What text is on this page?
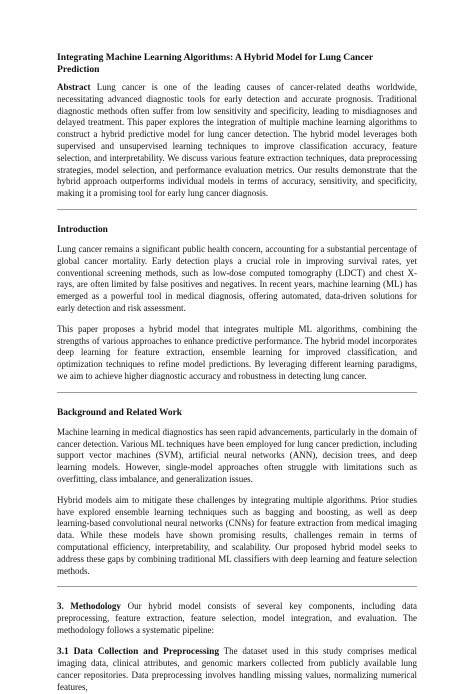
Integrating Machine Learning Algorithms: A Hybrid Model for Lung Cancer Prediction

Abstract Lung cancer is one of the leading causes of cancer-related deaths worldwide, necessitating advanced diagnostic tools for early detection and accurate prognosis. Traditional diagnostic methods often suffer from low sensitivity and specificity, leading to misdiagnoses and delayed treatment. This paper explores the integration of multiple machine learning algorithms to construct a hybrid predictive model for lung cancer detection. The hybrid model leverages both supervised and unsupervised learning techniques to improve classification accuracy, feature selection, and interpretability. We discuss various feature extraction techniques, data preprocessing strategies, model selection, and performance evaluation metrics. Our results demonstrate that the hybrid approach outperforms individual models in terms of accuracy, sensitivity, and specificity, making it a promising tool for early lung cancer diagnosis.

Introduction

Lung cancer remains a significant public health concern, accounting for a substantial percentage of global cancer mortality. Early detection plays a crucial role in improving survival rates, yet conventional screening methods, such as low-dose computed tomography (LDCT) and chest X-rays, are often limited by false positives and negatives. In recent years, machine learning (ML) has emerged as a powerful tool in medical diagnosis, offering automated, data-driven solutions for early detection and risk assessment.

This paper proposes a hybrid model that integrates multiple ML algorithms, combining the strengths of various approaches to enhance predictive performance. The hybrid model incorporates deep learning for feature extraction, ensemble learning for improved classification, and optimization techniques to refine model predictions. By leveraging different learning paradigms, we aim to achieve higher diagnostic accuracy and robustness in detecting lung cancer.

Background and Related Work

Machine learning in medical diagnostics has seen rapid advancements, particularly in the domain of cancer detection. Various ML techniques have been employed for lung cancer prediction, including support vector machines (SVM), artificial neural networks (ANN), decision trees, and deep learning models. However, single-model approaches often struggle with limitations such as overfitting, class imbalance, and generalization issues.

Hybrid models aim to mitigate these challenges by integrating multiple algorithms. Prior studies have explored ensemble learning techniques such as bagging and boosting, as well as deep learning-based convolutional neural networks (CNNs) for feature extraction from medical imaging data. While these models have shown promising results, challenges remain in terms of computational efficiency, interpretability, and scalability. Our proposed hybrid model seeks to address these gaps by combining traditional ML classifiers with deep learning and feature selection methods.

3. Methodology Our hybrid model consists of several key components, including data preprocessing, feature extraction, feature selection, model integration, and evaluation. The methodology follows a systematic pipeline:

3.1 Data Collection and Preprocessing The dataset used in this study comprises medical imaging data, clinical attributes, and genomic markers collected from publicly available lung cancer repositories. Data preprocessing involves handling missing values, normalizing numerical features,
